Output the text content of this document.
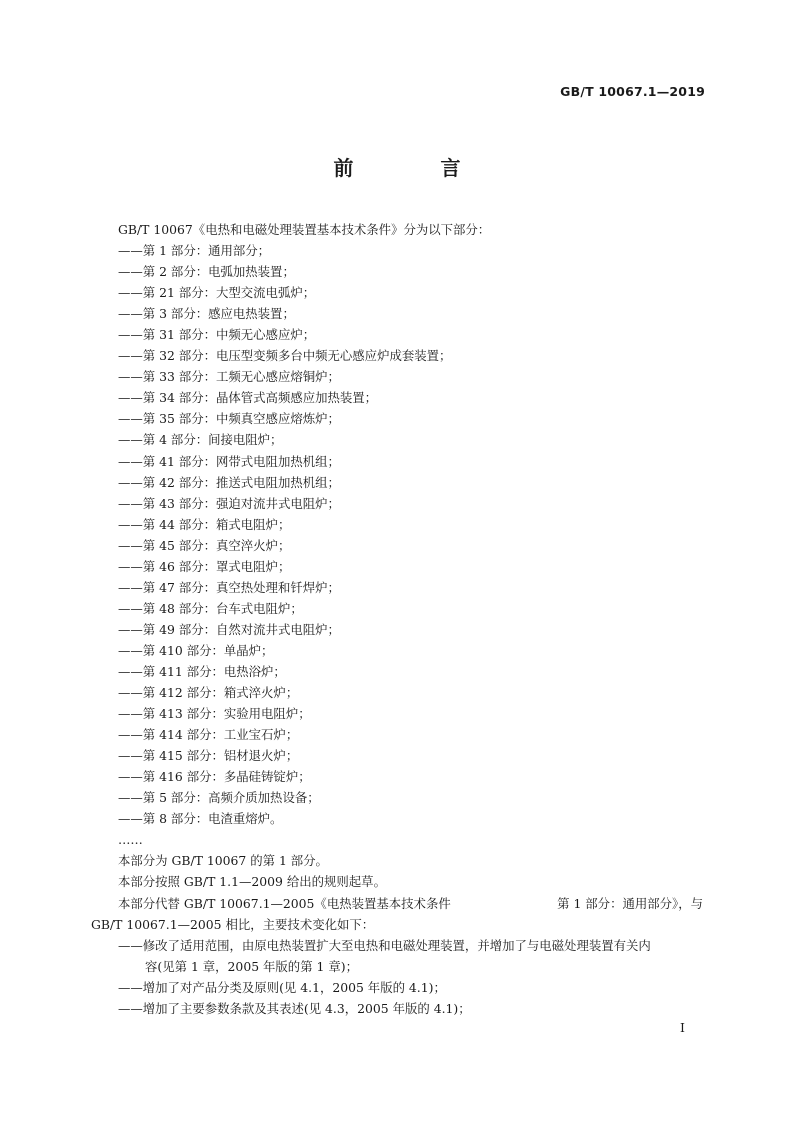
GB/T 10067.1—2019
前 言
GB/T 10067《电热和电磁处理装置基本技术条件》分为以下部分：
——第 1 部分：通用部分；
——第 2 部分：电弧加热装置；
——第 21 部分：大型交流电弧炉；
——第 3 部分：感应电热装置；
——第 31 部分：中频无心感应炉；
——第 32 部分：电压型变频多台中频无心感应炉成套装置；
——第 33 部分：工频无心感应熔铜炉；
——第 34 部分：晶体管式高频感应加热装置；
——第 35 部分：中频真空感应熔炼炉；
——第 4 部分：间接电阻炉；
——第 41 部分：网带式电阻加热机组；
——第 42 部分：推送式电阻加热机组；
——第 43 部分：强迫对流井式电阻炉；
——第 44 部分：箱式电阻炉；
——第 45 部分：真空淬火炉；
——第 46 部分：罩式电阻炉；
——第 47 部分：真空热处理和钎焊炉；
——第 48 部分：台车式电阻炉；
——第 49 部分：自然对流井式电阻炉；
——第 410 部分：单晶炉；
——第 411 部分：电热浴炉；
——第 412 部分：箱式淬火炉；
——第 413 部分：实验用电阻炉；
——第 414 部分：工业宝石炉；
——第 415 部分：铝材退火炉；
——第 416 部分：多晶硅铸锭炉；
——第 5 部分：高频介质加热设备；
——第 8 部分：电渣重熔炉。
……
本部分为 GB/T 10067 的第 1 部分。
本部分按照 GB/T 1.1—2009 给出的规则起草。
本部分代替 GB/T 10067.1—2005《电热装置基本技术条件	第 1 部分：通用部分》，与
GB/T 10067.1—2005 相比，主要技术变化如下：
——修改了适用范围，由原电热装置扩大至电热和电磁处理装置，并增加了与电磁处理装置有关内
容(见第 1 章，2005 年版的第 1 章)；
——增加了对产品分类及原则(见 4.1，2005 年版的 4.1)；
——增加了主要参数条款及其表述(见 4.3，2005 年版的 4.1)；
I
